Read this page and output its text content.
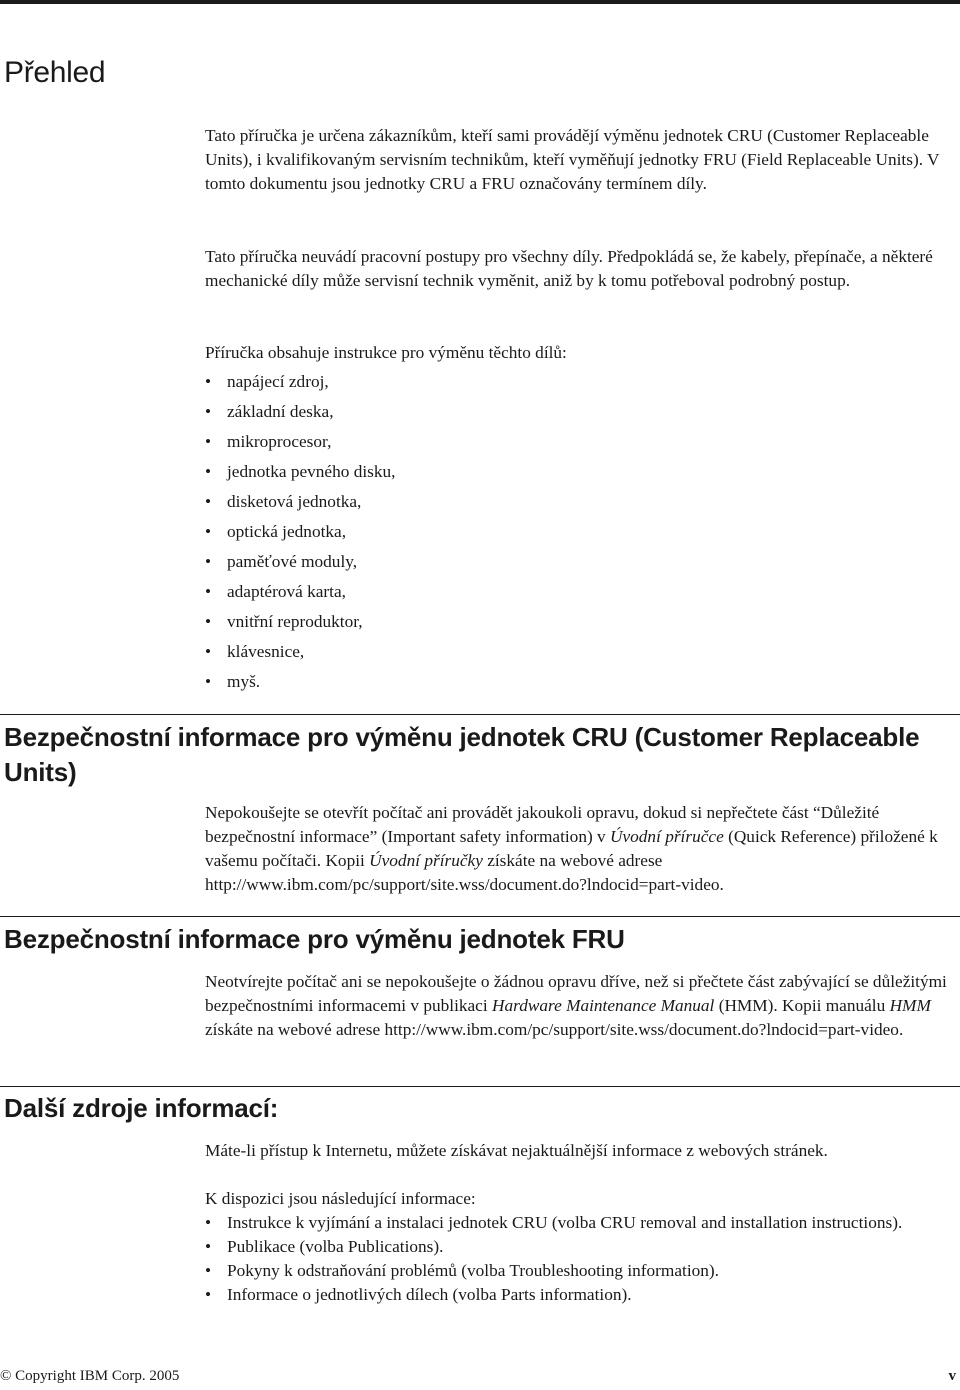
Přehled

Tato příručka je určena zákazníkům, kteří sami provádějí výměnu jednotek CRU (Customer Replaceable Units), i kvalifikovaným servisním technikům, kteří vyměňují jednotky FRU (Field Replaceable Units). V tomto dokumentu jsou jednotky CRU a FRU označovány termínem díly.

Tato příručka neuvádí pracovní postupy pro všechny díly. Předpokládá se, že kabely, přepínače, a některé mechanické díly může servisní technik vyměnit, aniž by k tomu potřeboval podrobný postup.

Příručka obsahuje instrukce pro výměnu těchto dílů:

• napájecí zdroj,
• základní deska,
• mikroprocesor,
• jednotka pevného disku,
• disketová jednotka,
• optická jednotka,
• paměťové moduly,
• adaptérová karta,
• vnitřní reproduktor,
• klávesnice,
• myš.
Bezpečnostní informace pro výměnu jednotek CRU (Customer Replaceable Units)

Nepokoušejte se otevřít počítač ani provádět jakoukoli opravu, dokud si nepřečtete část “Důležité bezpečnostní informace” (Important safety information) v Úvodní příručce (Quick Reference) přiložené k vašemu počítači. Kopii Úvodní příručky získáte na webové adrese http://www.ibm.com/pc/support/site.wss/document.do?lndocid=part-video.

Bezpečnostní informace pro výměnu jednotek FRU

Neotvírejte počítač ani se nepokoušejte o žádnou opravu dříve, než si přečtete část zabývající se důležitými bezpečnostními informacemi v publikaci Hardware Maintenance Manual (HMM). Kopii manuálu HMM získáte na webové adrese http://www.ibm.com/pc/support/site.wss/document.do?lndocid=part-video.

Další zdroje informací:

Máte-li přístup k Internetu, můžete získávat nejaktuálnější informace z webových stránek.

K dispozici jsou následující informace:

• Instrukce k vyjímání a instalaci jednotek CRU (volba CRU removal and installation instructions).
• Publikace (volba Publications).
• Pokyny k odstraňování problémů (volba Troubleshooting information).
• Informace o jednotlivých dílech (volba Parts information).
© Copyright IBM Corp. 2005	v
